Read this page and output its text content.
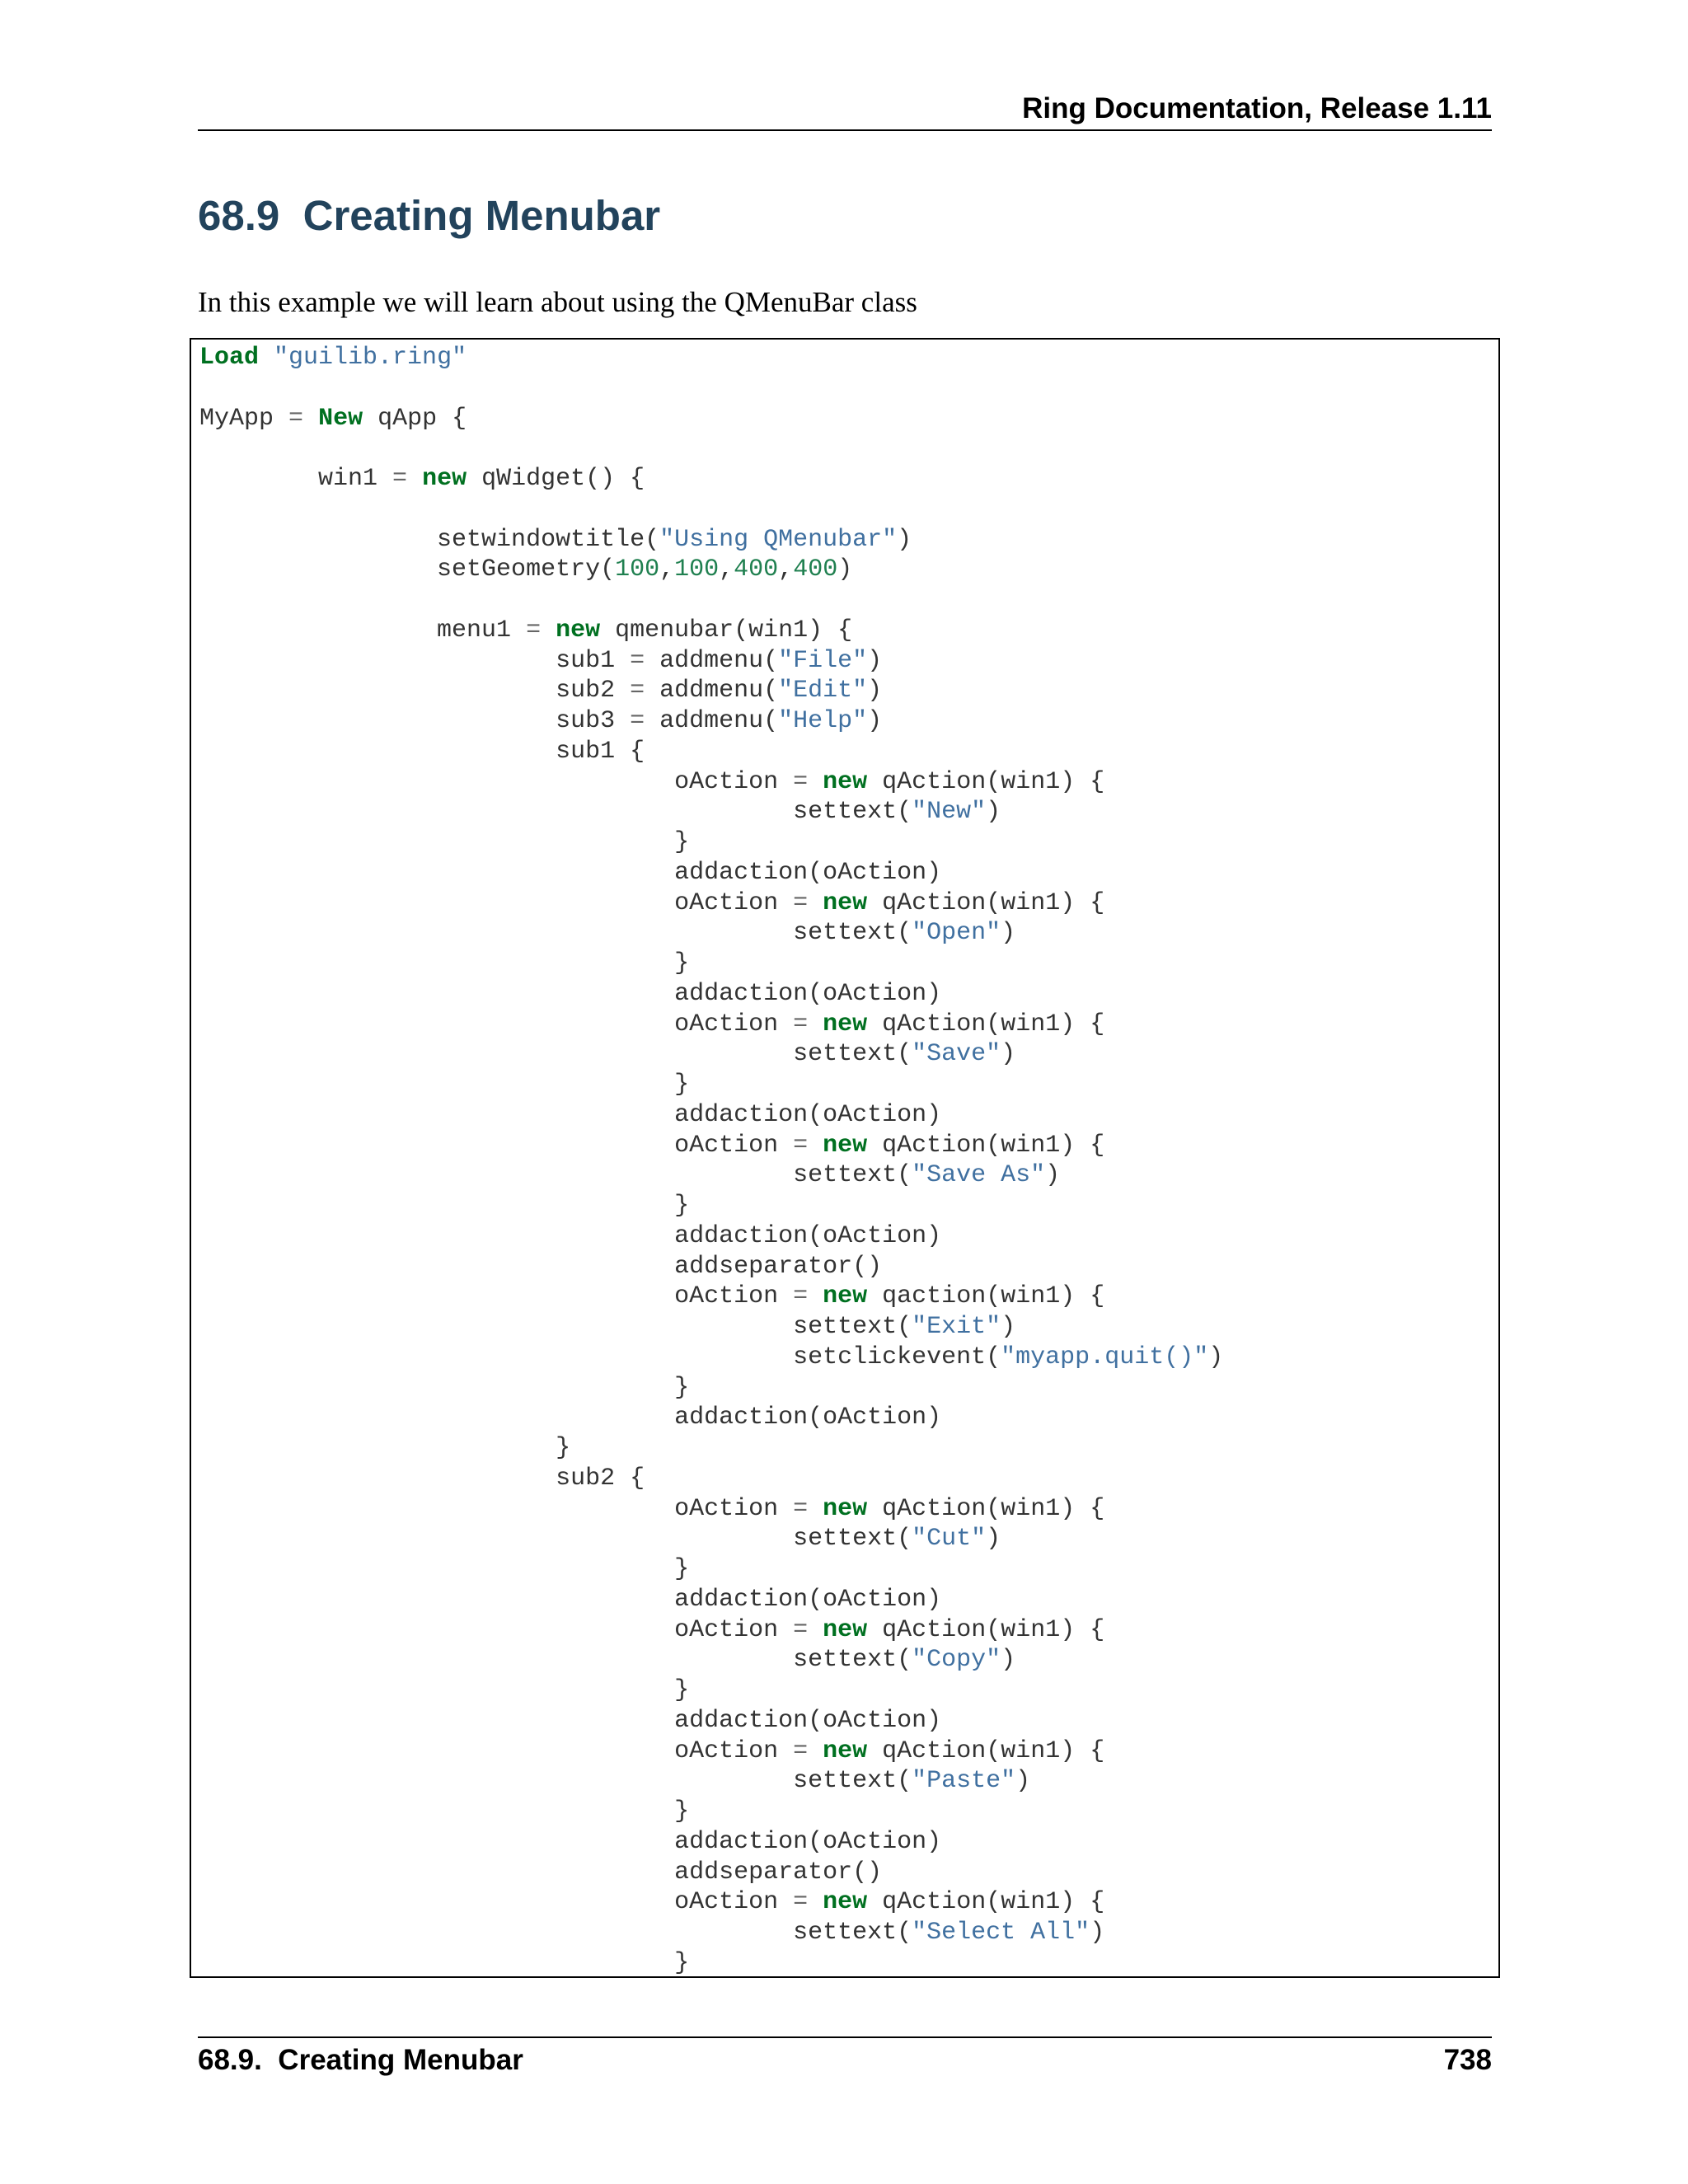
Ring Documentation, Release 1.11
68.9 Creating Menubar

In this example we will learn about using the QMenuBar class

Load "guilib.ring"

MyApp = New qApp {

win1 = new qWidget() {

setwindowtitle("Using QMenubar")
setGeometry(100,100,400,400)

menu1 = new qmenubar(win1) {
sub1 = addmenu("File")
sub2 = addmenu("Edit")
sub3 = addmenu("Help")
sub1 {
oAction = new qAction(win1) {
settext("New")
}
addaction(oAction)
oAction = new qAction(win1) {
settext("Open")
}
addaction(oAction)
oAction = new qAction(win1) {
settext("Save")
}
addaction(oAction)
oAction = new qAction(win1) {
settext("Save As")
}
addaction(oAction)
addseparator()
oAction = new qaction(win1) {
settext("Exit")
setclickevent("myapp.quit()")
}
addaction(oAction)
}
sub2 {
oAction = new qAction(win1) {
settext("Cut")
}
addaction(oAction)
oAction = new qAction(win1) {
settext("Copy")
}
addaction(oAction)
oAction = new qAction(win1) {
settext("Paste")
}
addaction(oAction)
addseparator()
oAction = new qAction(win1) {
settext("Select All")
}
68.9.  Creating Menubar	738
